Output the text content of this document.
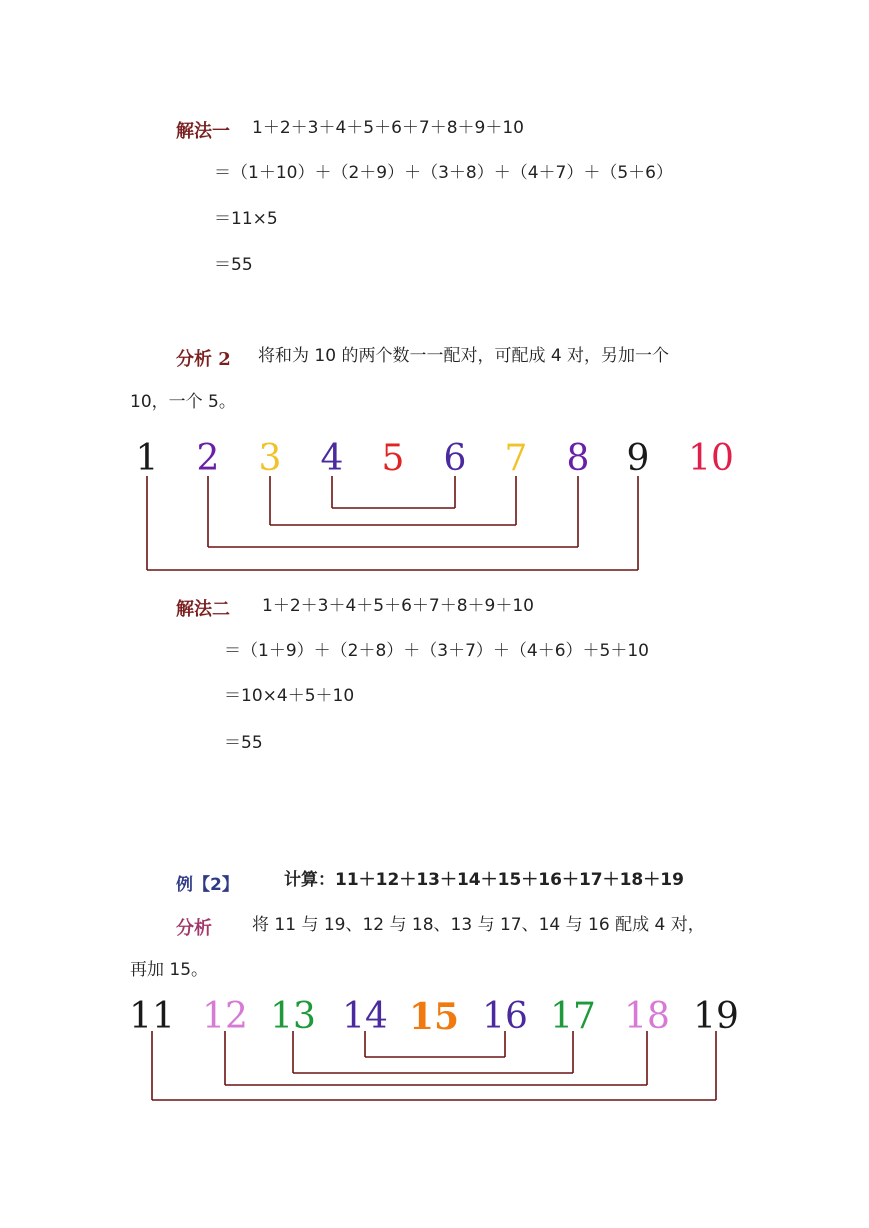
解法一 1＋2＋3＋4＋5＋6＋7＋8＋9＋10
＝（1＋10）＋（2＋9）＋（3＋8）＋（4＋7）＋（5＋6）
＝11×5
＝55
分析 2 将和为 10 的两个数一一配对，可配成 4 对，另加一个
10，一个 5。
1	2	3	4	5	6	7	8	9	10
解法二 1＋2＋3＋4＋5＋6＋7＋8＋9＋10
＝（1＋9）＋（2＋8）＋（3＋7）＋（4＋6）＋5＋10
＝10×4＋5＋10
＝55
例【2】	计算：11＋12＋13＋14＋15＋16＋17＋18＋19
分析 将 11 与 19、12 与 18、13 与 17、14 与 16 配成 4 对，
再加 15。
11 12 13 14 15 16 17 18 19
